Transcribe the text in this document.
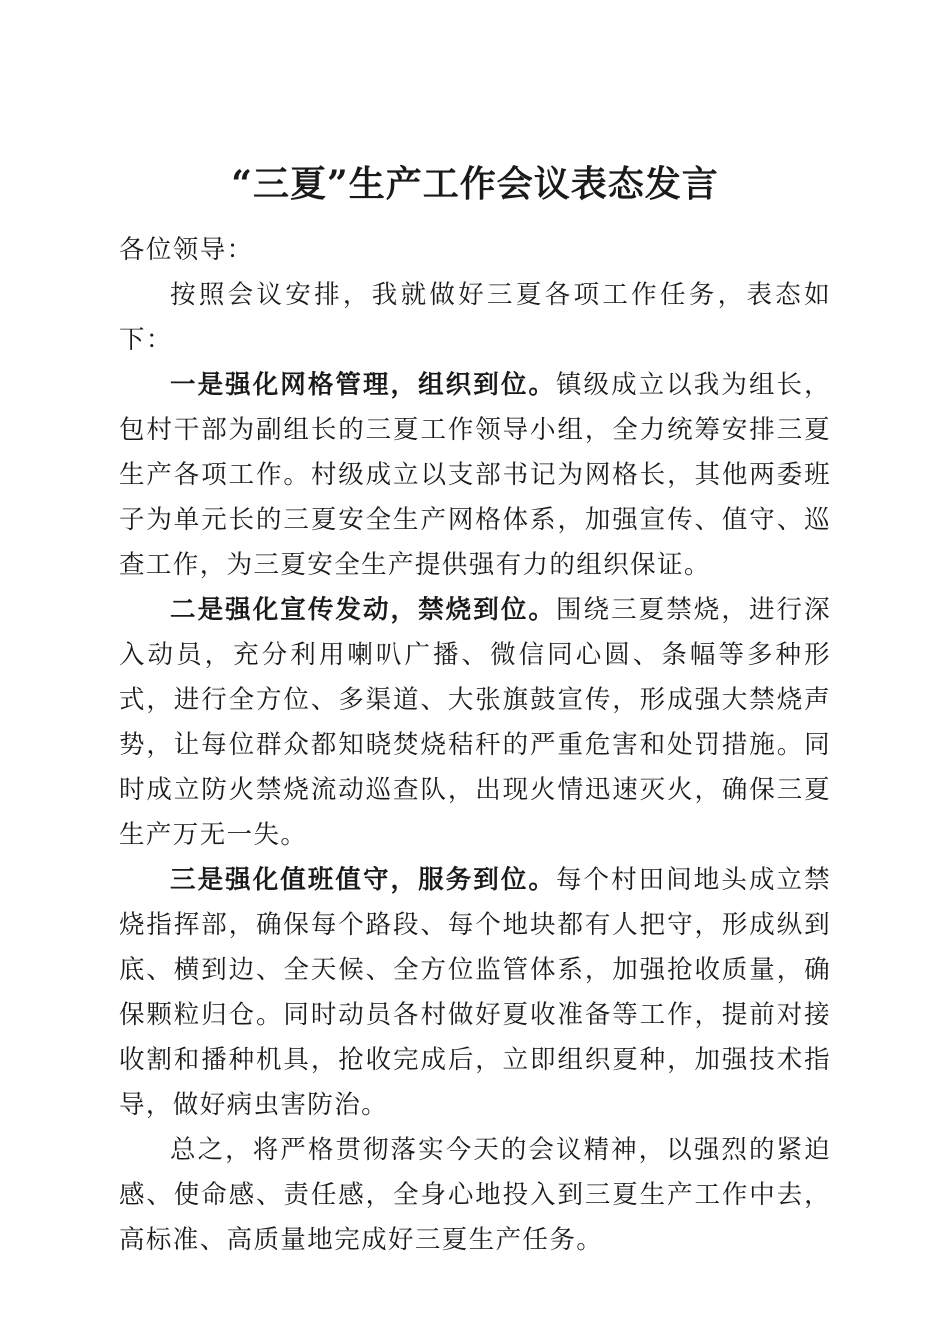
“三夏”生产工作会议表态发言

各位领导：

按照会议安排，我就做好三夏各项工作任务，表态如下：

一是强化网格管理，组织到位。镇级成立以我为组长，包村干部为副组长的三夏工作领导小组，全力统筹安排三夏生产各项工作。村级成立以支部书记为网格长，其他两委班子为单元长的三夏安全生产网格体系，加强宣传、值守、巡查工作，为三夏安全生产提供强有力的组织保证。

二是强化宣传发动，禁烧到位。围绕三夏禁烧，进行深入动员，充分利用喇叭广播、微信同心圆、条幅等多种形式，进行全方位、多渠道、大张旗鼓宣传，形成强大禁烧声势，让每位群众都知晓焚烧秸秆的严重危害和处罚措施。同时成立防火禁烧流动巡查队，出现火情迅速灭火，确保三夏生产万无一失。

三是强化值班值守，服务到位。每个村田间地头成立禁烧指挥部，确保每个路段、每个地块都有人把守，形成纵到底、横到边、全天候、全方位监管体系，加强抢收质量，确保颗粒归仓。同时动员各村做好夏收准备等工作，提前对接收割和播种机具，抢收完成后，立即组织夏种，加强技术指导，做好病虫害防治。

总之，将严格贯彻落实今天的会议精神，以强烈的紧迫感、使命感、责任感，全身心地投入到三夏生产工作中去，高标准、高质量地完成好三夏生产任务。
